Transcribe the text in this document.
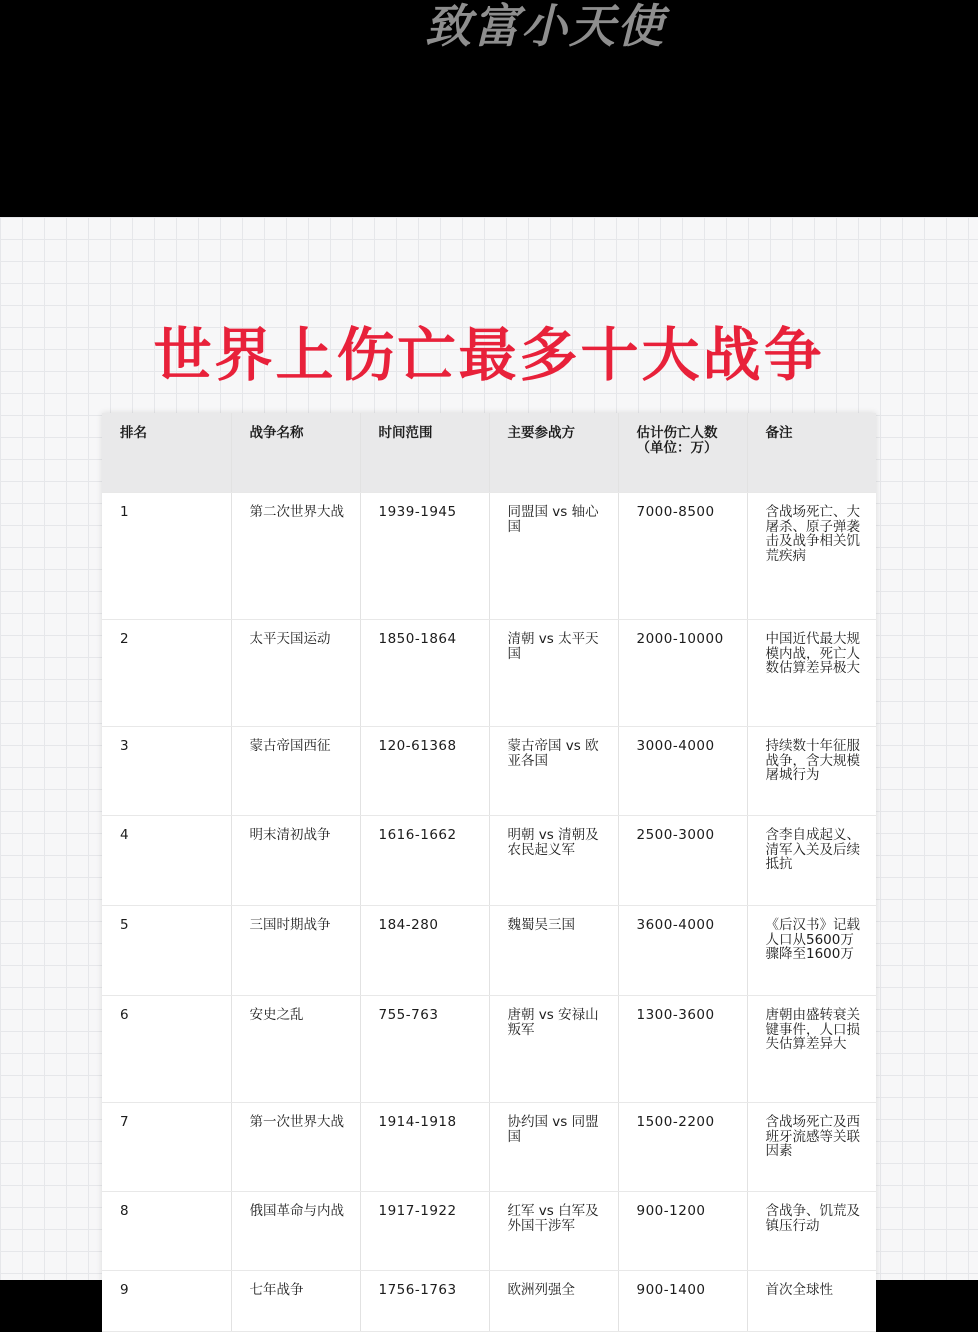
致富小天使
世界上伤亡最多十大战争
排名	战争名称	时间范围	主要参战方	估计伤亡人数（单位：万）	备注
1	第二次世界大战	1939-1945	同盟国 vs 轴心国	7000-8500	含战场死亡、大屠杀、原子弹袭击及战争相关饥荒疾病
2	太平天国运动	1850-1864	清朝 vs 太平天国	2000-10000	中国近代最大规模内战，死亡人数估算差异极大
3	蒙古帝国西征	120-61368	蒙古帝国 vs 欧亚各国	3000-4000	持续数十年征服战争，含大规模屠城行为
4	明末清初战争	1616-1662	明朝 vs 清朝及农民起义军	2500-3000	含李自成起义、清军入关及后续抵抗
5	三国时期战争	184-280	魏蜀吴三国	3600-4000	《后汉书》记载人口从5600万骤降至1600万
6	安史之乱	755-763	唐朝 vs 安禄山叛军	1300-3600	唐朝由盛转衰关键事件，人口损失估算差异大
7	第一次世界大战	1914-1918	协约国 vs 同盟国	1500-2200	含战场死亡及西班牙流感等关联因素
8	俄国革命与内战	1917-1922	红军 vs 白军及外国干涉军	900-1200	含战争、饥荒及镇压行动
9	七年战争	1756-1763	欧洲列强全	900-1400	首次全球性
